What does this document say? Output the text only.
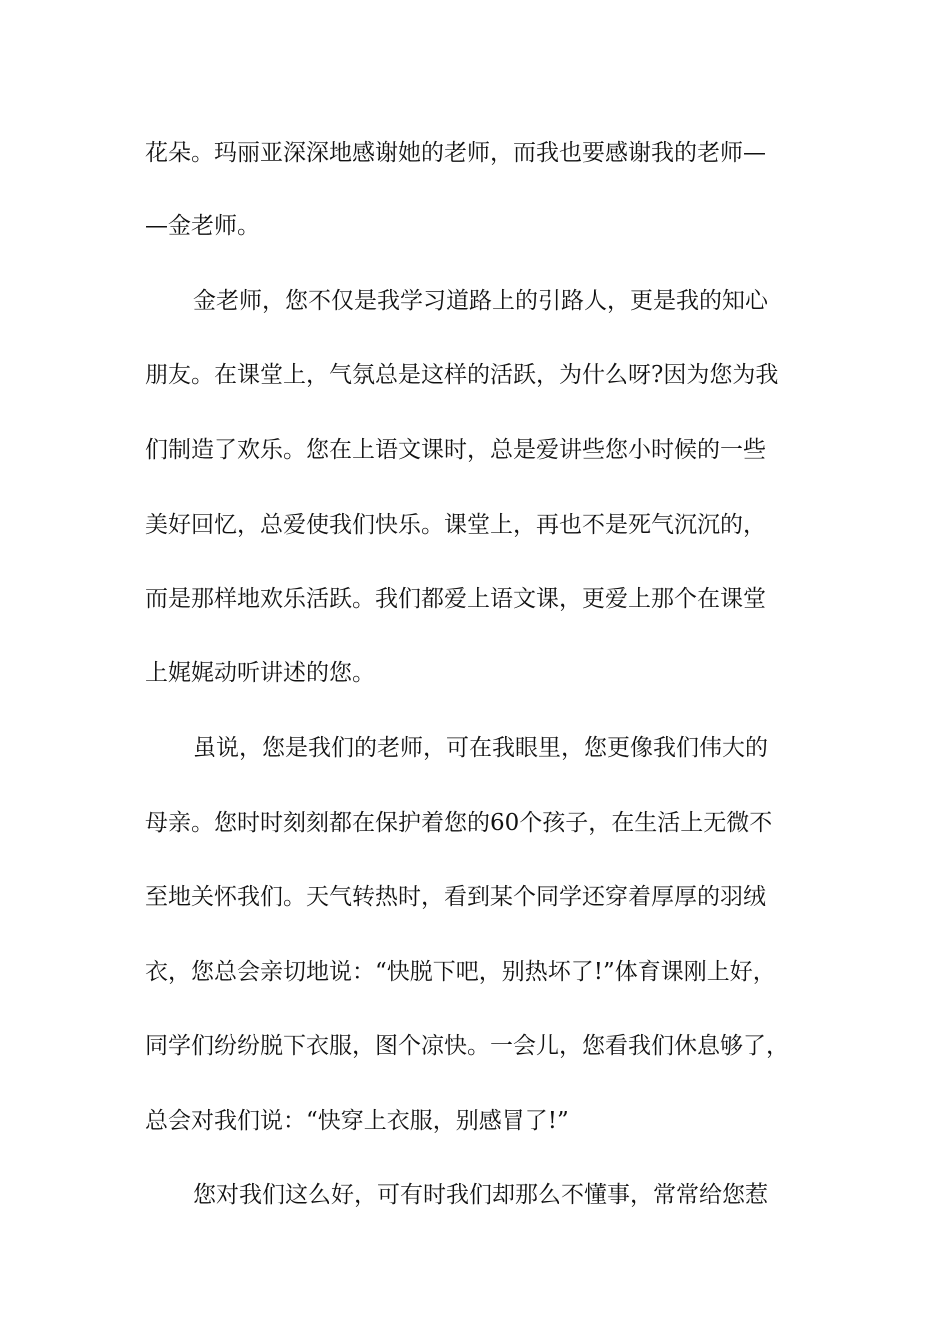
花朵。玛丽亚深深地感谢她的老师，而我也要感谢我的老师—
—金老师。
金老师，您不仅是我学习道路上的引路人，更是我的知心
朋友。在课堂上，气氛总是这样的活跃，为什么呀?因为您为我
们制造了欢乐。您在上语文课时，总是爱讲些您小时候的一些
美好回忆，总爱使我们快乐。课堂上，再也不是死气沉沉的，
而是那样地欢乐活跃。我们都爱上语文课，更爱上那个在课堂
上娓娓动听讲述的您。
虽说，您是我们的老师，可在我眼里，您更像我们伟大的
母亲。您时时刻刻都在保护着您的60个孩子，在生活上无微不
至地关怀我们。天气转热时，看到某个同学还穿着厚厚的羽绒
衣，您总会亲切地说：“快脱下吧，别热坏了!”体育课刚上好，
同学们纷纷脱下衣服，图个凉快。一会儿，您看我们休息够了，
总会对我们说：“快穿上衣服，别感冒了!”
您对我们这么好，可有时我们却那么不懂事，常常给您惹
